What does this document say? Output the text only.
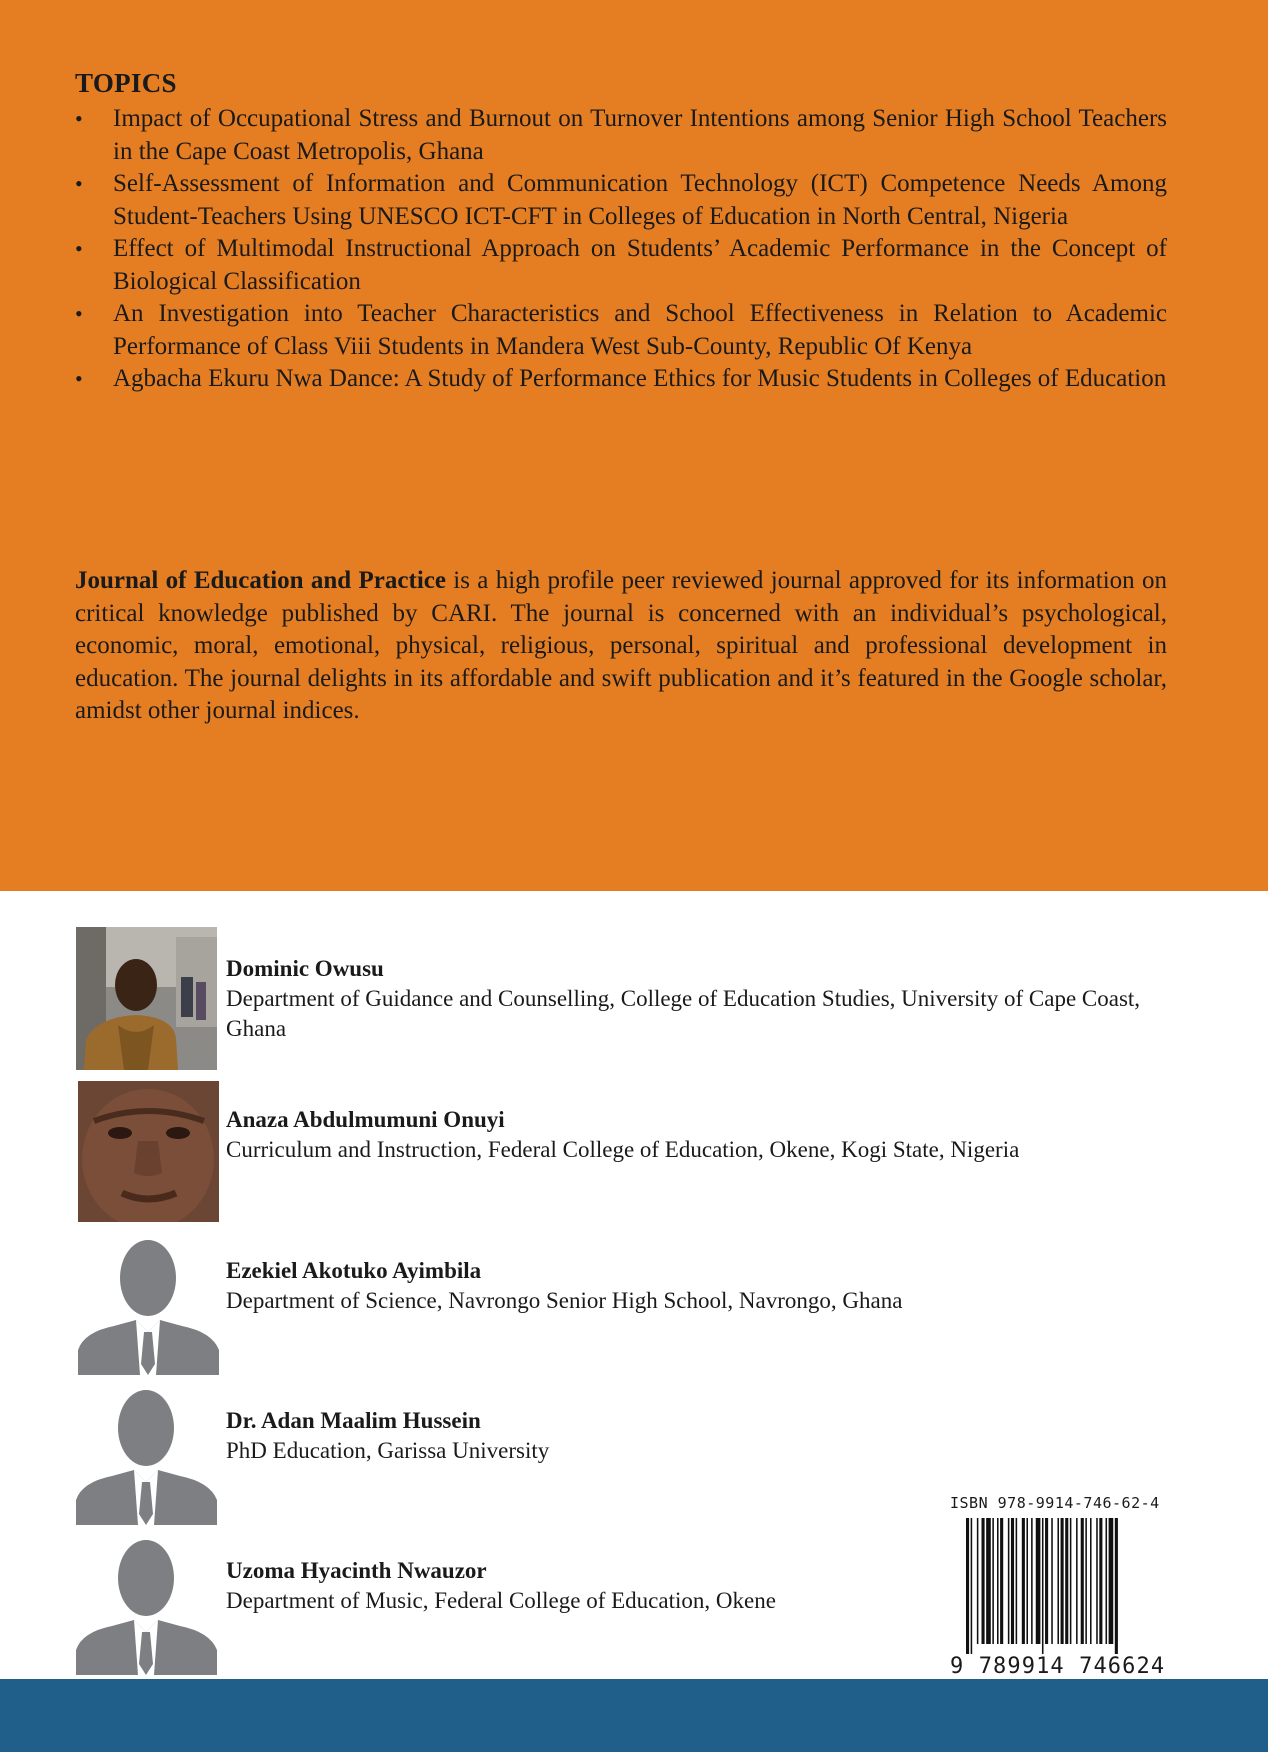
TOPICS
• Impact of Occupational Stress and Burnout on Turnover Intentions among Senior High School Teachers in the Cape Coast Metropolis, Ghana
• Self-Assessment of Information and Communication Technology (ICT) Competence Needs Among Student-Teachers Using UNESCO ICT-CFT in Colleges of Education in North Central, Nigeria
• Effect of Multimodal Instructional Approach on Students’ Academic Performance in the Concept of Biological Classification
• An Investigation into Teacher Characteristics and School Effectiveness in Relation to Academic Performance of Class Viii Students in Mandera West Sub-County, Republic Of Kenya
• Agbacha Ekuru Nwa Dance: A Study of Performance Ethics for Music Students in Colleges of Education

Journal of Education and Practice is a high profile peer reviewed journal approved for its information on critical knowledge published by CARI. The journal is concerned with an individual’s psychological, economic, moral, emotional, physical, religious, personal, spiritual and professional development in education. The journal delights in its affordable and swift publication and it’s featured in the Google scholar, amidst other journal indices.

Dominic Owusu
Department of Guidance and Counselling, College of Education Studies, University of Cape Coast, Ghana
Anaza Abdulmumuni Onuyi
Curriculum and Instruction, Federal College of Education, Okene, Kogi State, Nigeria
Ezekiel Akotuko Ayimbila
Department of Science, Navrongo Senior High School, Navrongo, Ghana
Dr. Adan Maalim Hussein
PhD Education, Garissa University
Uzoma Hyacinth Nwauzor
Department of Music, Federal College of Education, Okene
ISBN 978-9914-746-62-4
9 789914 746624
